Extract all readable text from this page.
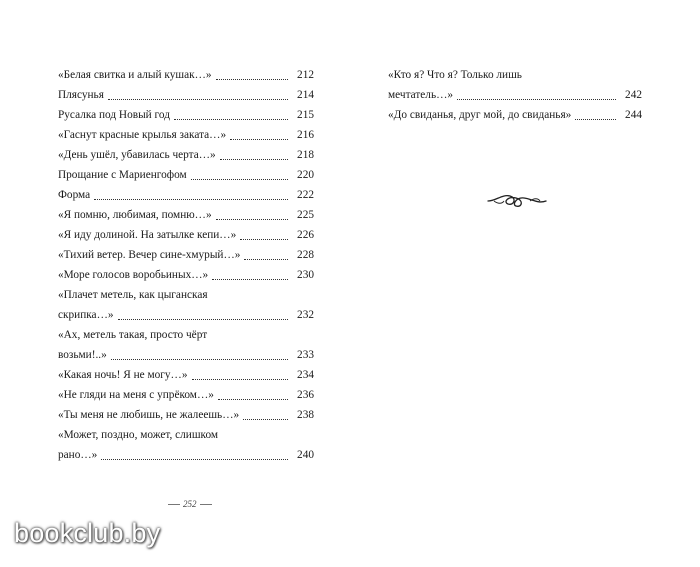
«Белая свитка и алый кушак…»	212
Плясунья	214
Русалка под Новый год	215
«Гаснут красные крылья заката…»	216
«День ушёл, убавилась черта…»	218
Прощание с Мариенгофом	220
Форма	222
«Я помню, любимая, помню…»	225
«Я иду долиной. На затылке кепи…»	226
«Тихий ветер. Вечер сине-хмурый…»	228
«Море голосов воробьиных…»	230
«Плачет метель, как цыганская
скрипка…»	232
«Ах, метель такая, просто чёрт
возьми!..»	233
«Какая ночь! Я не могу…»	234
«Не гляди на меня с упрёком…»	236
«Ты меня не любишь, не жалеешь…»	238
«Может, поздно, может, слишком
рано…»	240
252
«Кто я? Что я? Только лишь
мечтатель…»	242
«До свиданья, друг мой, до свиданья»	244
bookclub.by
